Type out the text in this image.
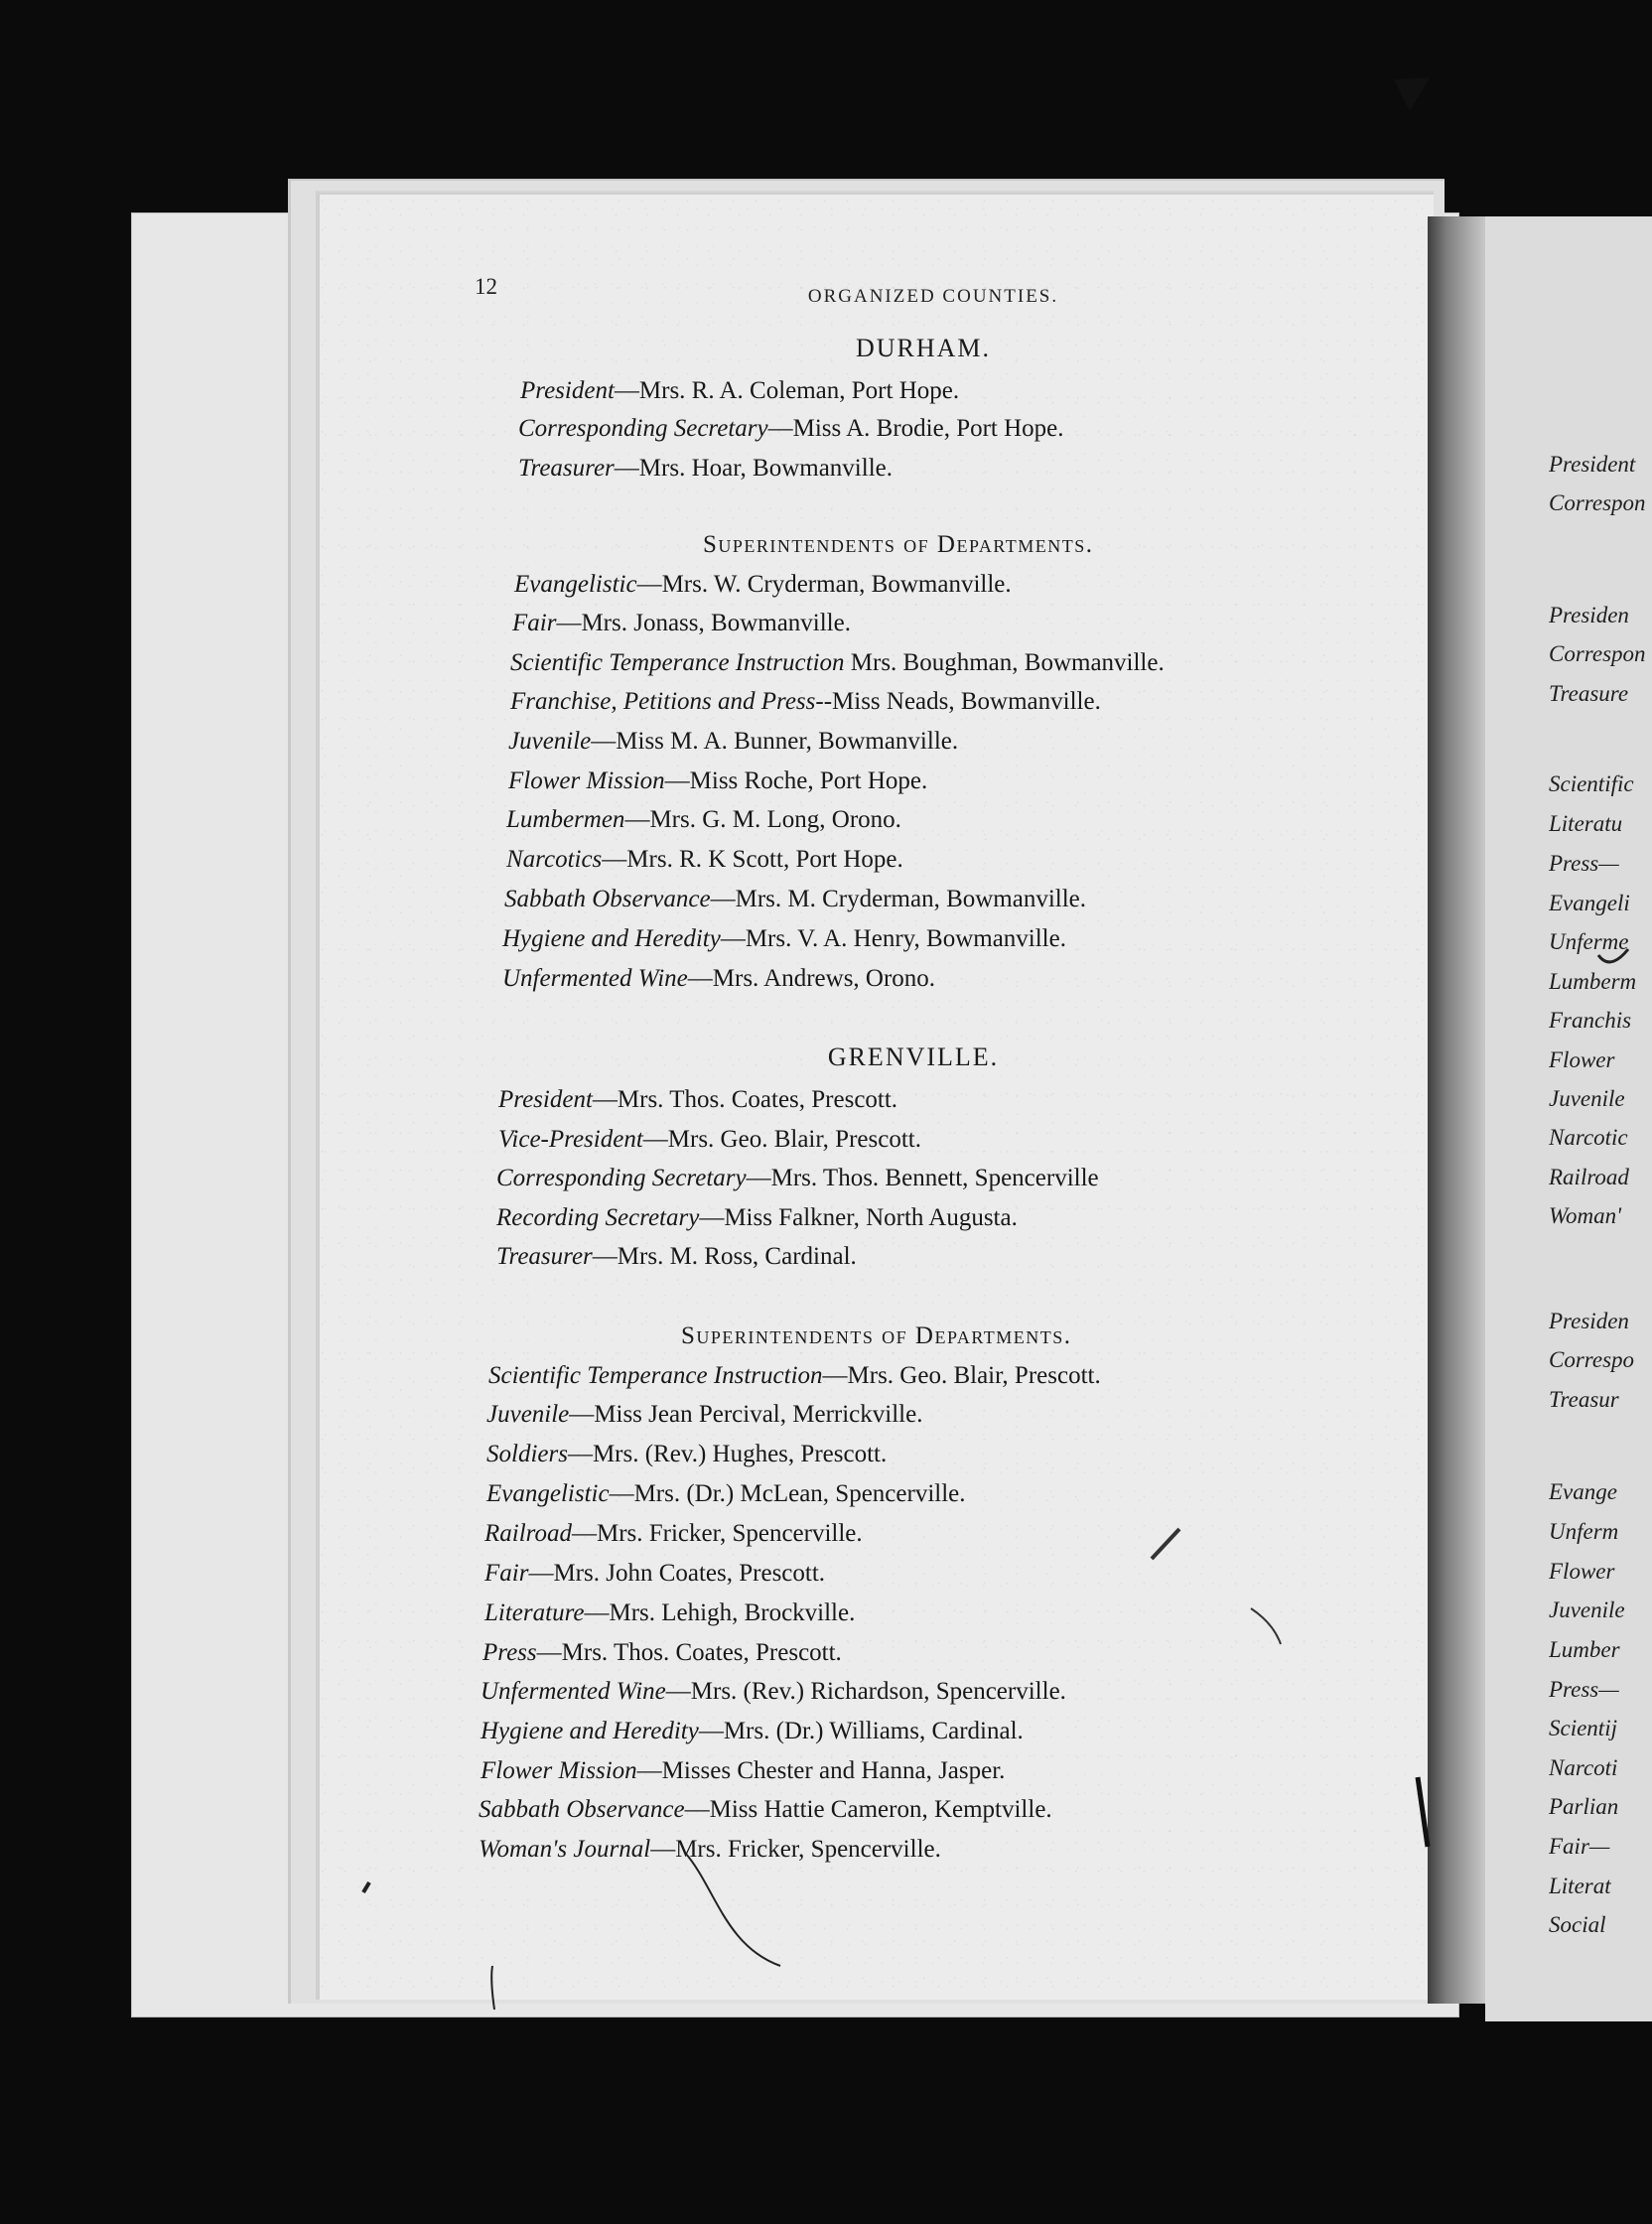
12	ORGANIZED COUNTIES.
DURHAM.
President—Mrs. R. A. Coleman, Port Hope.
Corresponding Secretary—Miss A. Brodie, Port Hope.
Treasurer—Mrs. Hoar, Bowmanville.
Superintendents of Departments.
Evangelistic—Mrs. W. Cryderman, Bowmanville.
Fair—Mrs. Jonass, Bowmanville.
Scientific Temperance Instruction Mrs. Boughman, Bowmanville.
Franchise, Petitions and Press--Miss Neads, Bowmanville.
Juvenile—Miss M. A. Bunner, Bowmanville.
Flower Mission—Miss Roche, Port Hope.
Lumbermen—Mrs. G. M. Long, Orono.
Narcotics—Mrs. R. K Scott, Port Hope.
Sabbath Observance—Mrs. M. Cryderman, Bowmanville.
Hygiene and Heredity—Mrs. V. A. Henry, Bowmanville.
Unfermented Wine—Mrs. Andrews, Orono.
GRENVILLE.
President—Mrs. Thos. Coates, Prescott.
Vice-President—Mrs. Geo. Blair, Prescott.
Corresponding Secretary—Mrs. Thos. Bennett, Spencerville
Recording Secretary—Miss Falkner, North Augusta.
Treasurer—Mrs. M. Ross, Cardinal.
Superintendents of Departments.
Scientific Temperance Instruction—Mrs. Geo. Blair, Prescott.
Juvenile—Miss Jean Percival, Merrickville.
Soldiers—Mrs. (Rev.) Hughes, Prescott.
Evangelistic—Mrs. (Dr.) McLean, Spencerville.
Railroad—Mrs. Fricker, Spencerville.
Fair—Mrs. John Coates, Prescott.
Literature—Mrs. Lehigh, Brockville.
Press—Mrs. Thos. Coates, Prescott.
Unfermented Wine—Mrs. (Rev.) Richardson, Spencerville.
Hygiene and Heredity—Mrs. (Dr.) Williams, Cardinal.
Flower Mission—Misses Chester and Hanna, Jasper.
Sabbath Observance—Miss Hattie Cameron, Kemptville.
Woman's Journal—Mrs. Fricker, Spencerville.
President
Correspon
Presiden
Correspon
Treasure
Scientific
Literatu
Press—
Evangeli
Unferme
Lumberm
Franchis
Flower
Juvenile
Narcotic
Railroad
Woman'
Presiden
Correspo
Treasur
Evange
Unferm
Flower
Juvenile
Lumber
Press—
Scientij
Narcoti
Parlian
Fair—
Literat
Social
